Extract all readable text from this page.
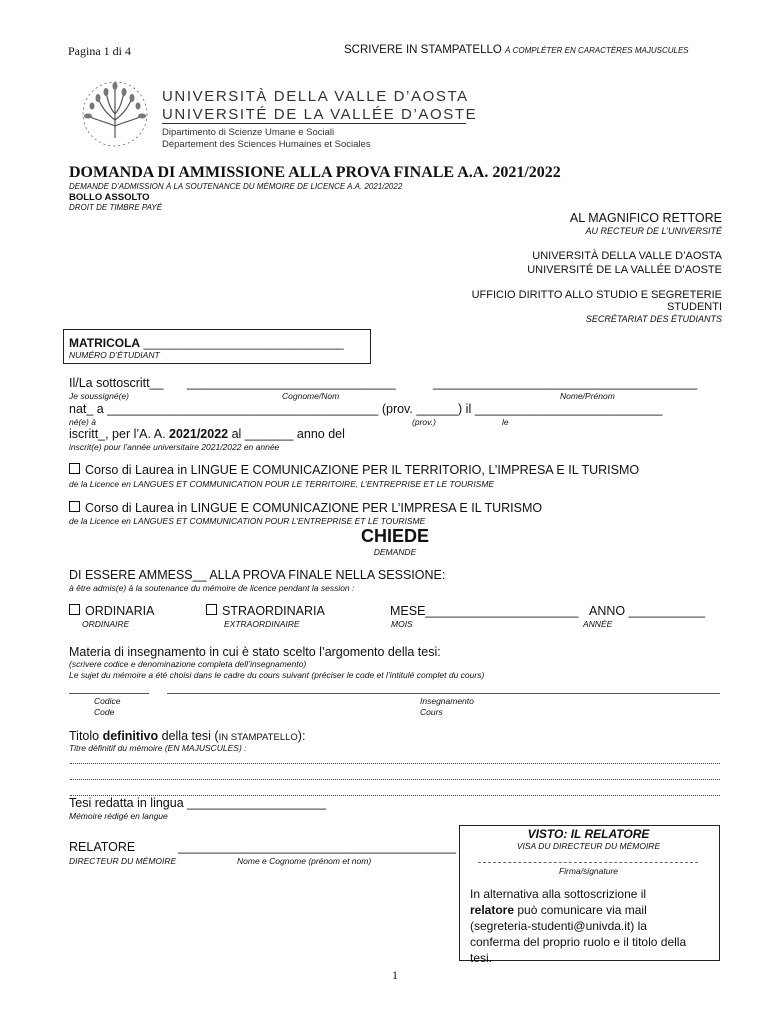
Pagina 1 di 4	SCRIVERE IN STAMPATELLO À COMPLÉTER EN CARACTÈRES MAJUSCULES
UNIVERSITÀ DELLA VALLE D’AOSTA
UNIVERSITÉ DE LA VALLÉE D’AOSTE
Dipartimento di Scienze Umane e Sociali
Département des Sciences Humaines et Sociales
DOMANDA DI AMMISSIONE ALLA PROVA FINALE A.A. 2021/2022
DEMANDE D’ADMISSION À LA SOUTENANCE DU MÉMOIRE DE LICENCE A.A. 2021/2022
BOLLO ASSOLTO
DROIT DE TIMBRE PAYÉ
AL MAGNIFICO RETTORE
AU RECTEUR DE L’UNIVERSITÉ
UNIVERSITÀ DELLA VALLE D’AOSTA
UNIVERSITÉ DE LA VALLÉE D’AOSTE
UFFICIO DIRITTO ALLO STUDIO E SEGRETERIE
STUDENTI
SECRÉTARIAT DES ÉTUDIANTS
MATRICOLA ______________________________
NUMÉRO D’ÉTUDIANT
Il/La sottoscritt__ ______________________________	______________________________________
Je soussigné(e)	Cognome/Nom	Nome/Prénom
nat_ a _______________________________________ (prov. ______) il ___________________________
né(e) à	(prov.)	le
iscritt_, per l’A. A. 2021/2022 al _______ anno del
inscrit(e) pour l’année universitaire 2021/2022 en année
Corso di Laurea in LINGUE E COMUNICAZIONE PER IL TERRITORIO, L’IMPRESA E IL TURISMO
de la Licence en LANGUES ET COMMUNICATION POUR LE TERRITOIRE, L’ENTREPRISE ET LE TOURISME
Corso di Laurea in LINGUE E COMUNICAZIONE PER L’IMPRESA E IL TURISMO
de la Licence en LANGUES ET COMMUNICATION POUR L’ENTREPRISE ET LE TOURISME
CHIEDE
DEMANDE
DI ESSERE AMMESS__ ALLA PROVA FINALE NELLA SESSIONE:
à être admis(e) à la soutenance du mémoire de licence pendant la session :
ORDINARIA
ORDINAIRE
STRAORDINARIA
EXTRAORDINAIRE
MESE______________________
MOIS
ANNO ___________
ANNÉE
Materia di insegnamento in cui è stato scelto l’argomento della tesi:
(scrivere codice e denominazione completa dell’insegnamento)
Le sujet du mémoire a été choisi dans le cadre du cours suivant (préciser le code et l’intitulé complet du cours)
Codice
Code
Insegnamento
Cours
Titolo definitivo della tesi (IN STAMPATELLO):
Titre définitif du mémoire (EN MAJUSCULES) :
Tesi redatta in lingua ____________________
Mémoire rédigé en langue
RELATORE	________________________________________
DIRECTEUR DU MÉMOIRE	Nome e Cognome (prénom et nom)
VISTO: IL RELATORE
VISA DU DIRECTEUR DU MÉMOIRE
Firma/signature
In alternativa alla sottoscrizione il
relatore può comunicare via mail
(segreteria-studenti@univda.it) la
conferma del proprio ruolo e il titolo della
tesi.
1
